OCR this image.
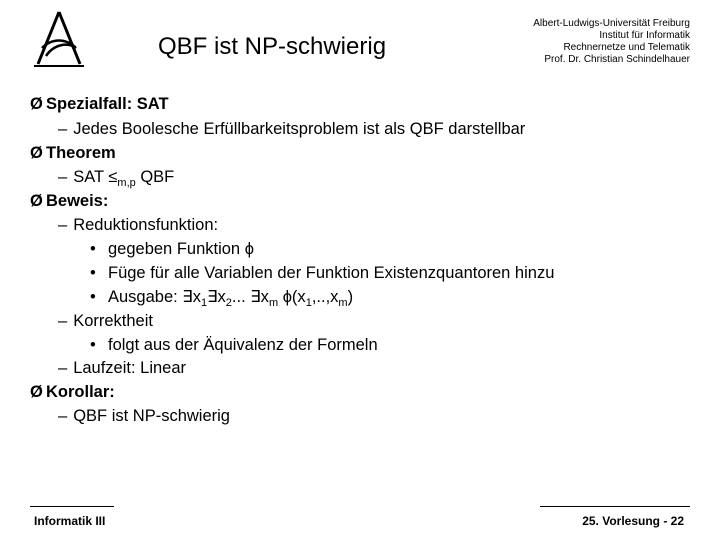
QBF ist NP-schwierig
Albert-Ludwigs-Universität Freiburg
Institut für Informatik
Rechnernetze und Telematik
Prof. Dr. Christian Schindelhauer
Ø Spezialfall: SAT
– Jedes Boolesche Erfüllbarkeitsproblem ist als QBF darstellbar
Ø Theorem
– SAT $\le_{m,p}$ QBF
Ø Beweis:
– Reduktionsfunktion:
• gegeben Funktion ϕ
• Füge für alle Variablen der Funktion Existenzquantoren hinzu
• Ausgabe: $\exists x_1\exists x_2$... $\exists x_m$ $\phi(x_1,..,x_m)$
– Korrektheit
• folgt aus der Äquivalenz der Formeln
– Laufzeit: Linear
Ø Korollar:
– QBF ist NP-schwierig
Informatik III	25. Vorlesung - 22
